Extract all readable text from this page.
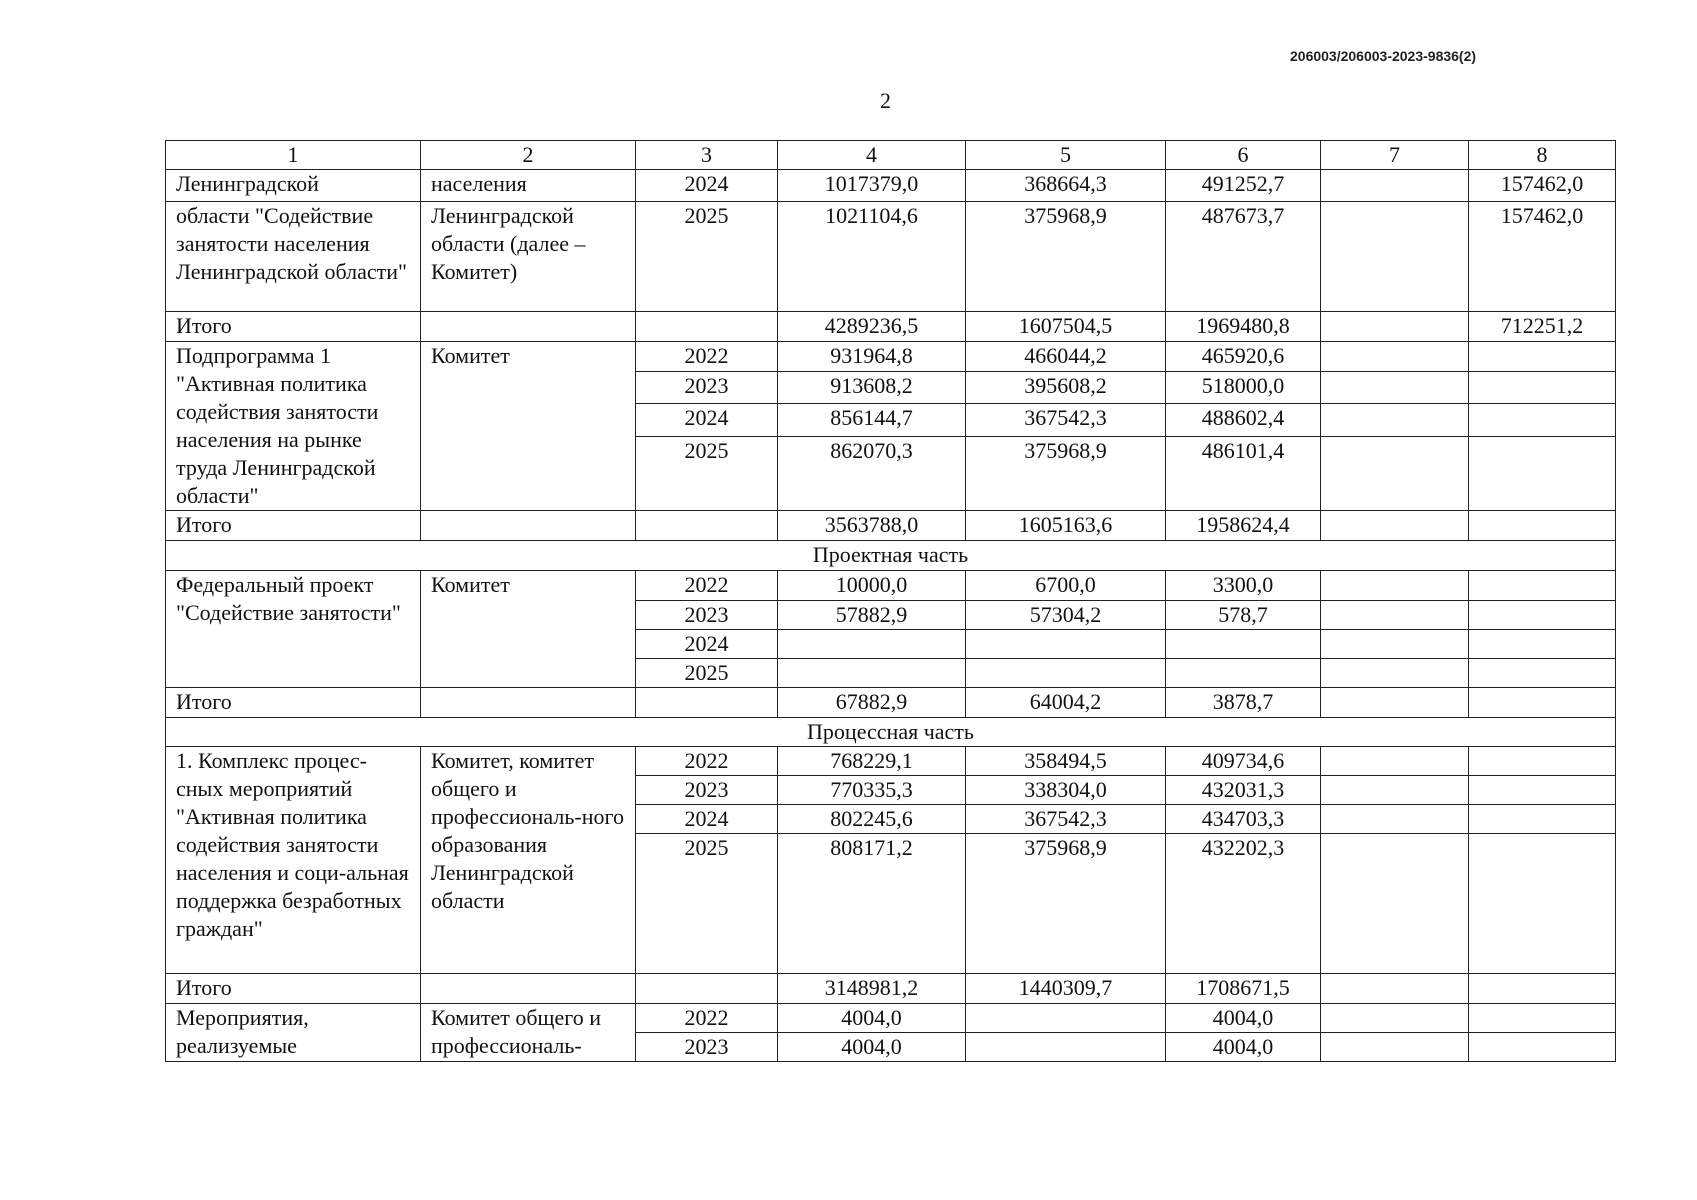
206003/206003-2023-9836(2)
2
1	2	3	4	5	6	7	8
Ленинградской	населения	2024	1017379,0	368664,3	491252,7		157462,0
области "Содействие занятости населения Ленинградской области"	Ленинградской области (далее – Комитет)	2025	1021104,6	375968,9	487673,7		157462,0
Итого			4289236,5	1607504,5	1969480,8		712251,2
Подпрограмма 1 "Активная политика содействия занятости населения на рынке труда Ленинградской области"	Комитет	2022	931964,8	466044,2	465920,6		
		2023	913608,2	395608,2	518000,0		
		2024	856144,7	367542,3	488602,4		
		2025	862070,3	375968,9	486101,4		
Итого			3563788,0	1605163,6	1958624,4		
Проектная часть							
Федеральный проект "Содействие занятости"	Комитет	2022	10000,0	6700,0	3300,0		
		2023	57882,9	57304,2	578,7		
		2024					
		2025					
Итого			67882,9	64004,2	3878,7		
Процессная часть							
1. Комплекс процес-сных мероприятий "Активная политика содействия занятости населения и соци-альная поддержка безработных граждан"	Комитет, комитет общего и профессиональ-ного образования Ленинградской области	2022	768229,1	358494,5	409734,6		
		2023	770335,3	338304,0	432031,3		
		2024	802245,6	367542,3	434703,3		
		2025	808171,2	375968,9	432202,3		
Итого			3148981,2	1440309,7	1708671,5		
Мероприятия, реализуемые	Комитет общего и профессиональ-	2022	4004,0		4004,0		
		2023	4004,0		4004,0		
